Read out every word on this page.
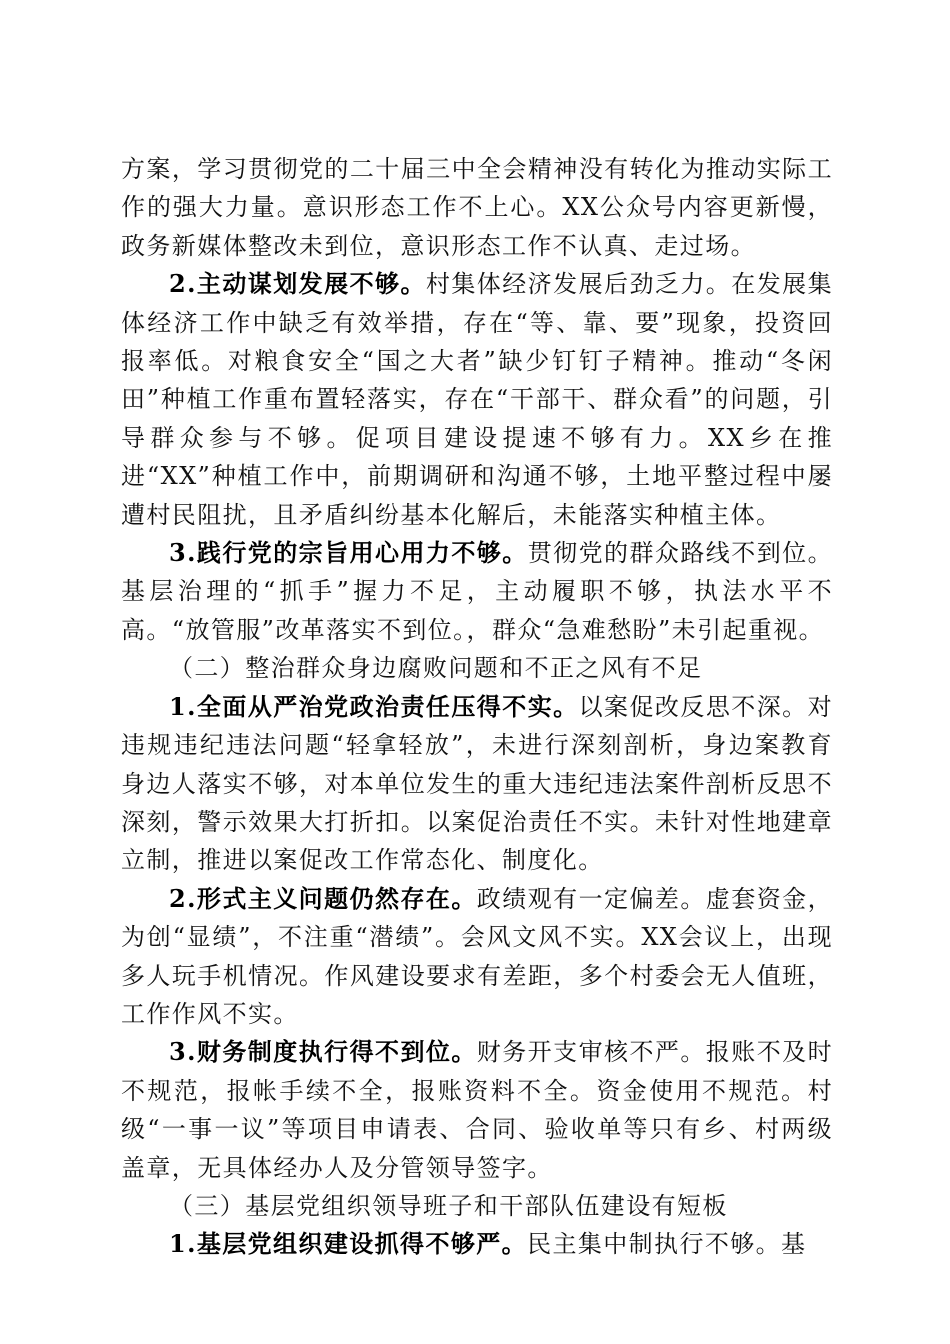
方案，学习贯彻党的二十届三中全会精神没有转化为推动实际工作的强大力量。意识形态工作不上心。XX公众号内容更新慢，政务新媒体整改未到位，意识形态工作不认真、走过场。

2.主动谋划发展不够。村集体经济发展后劲乏力。在发展集体经济工作中缺乏有效举措，存在“等、靠、要”现象，投资回报率低。对粮食安全“国之大者”缺少钉钉子精神。推动“冬闲田”种植工作重布置轻落实，存在“干部干、群众看”的问题，引导群众参与不够。促项目建设提速不够有力。XX乡在推进“XX”种植工作中，前期调研和沟通不够，土地平整过程中屡遭村民阻扰，且矛盾纠纷基本化解后，未能落实种植主体。

3.践行党的宗旨用心用力不够。贯彻党的群众路线不到位。基层治理的“抓手”握力不足，主动履职不够，执法水平不高。“放管服”改革落实不到位。，群众“急难愁盼”未引起重视。

（二）整治群众身边腐败问题和不正之风有不足

1.全面从严治党政治责任压得不实。以案促改反思不深。对违规违纪违法问题“轻拿轻放”，未进行深刻剖析，身边案教育身边人落实不够，对本单位发生的重大违纪违法案件剖析反思不深刻，警示效果大打折扣。以案促治责任不实。未针对性地建章立制，推进以案促改工作常态化、制度化。

2.形式主义问题仍然存在。政绩观有一定偏差。虚套资金，为创“显绩”，不注重“潜绩”。会风文风不实。XX会议上，出现多人玩手机情况。作风建设要求有差距，多个村委会无人值班，工作作风不实。

3.财务制度执行得不到位。财务开支审核不严。报账不及时不规范，报帐手续不全，报账资料不全。资金使用不规范。村级“一事一议”等项目申请表、合同、验收单等只有乡、村两级盖章，无具体经办人及分管领导签字。

（三）基层党组织领导班子和干部队伍建设有短板

1.基层党组织建设抓得不够严。民主集中制执行不够。基
